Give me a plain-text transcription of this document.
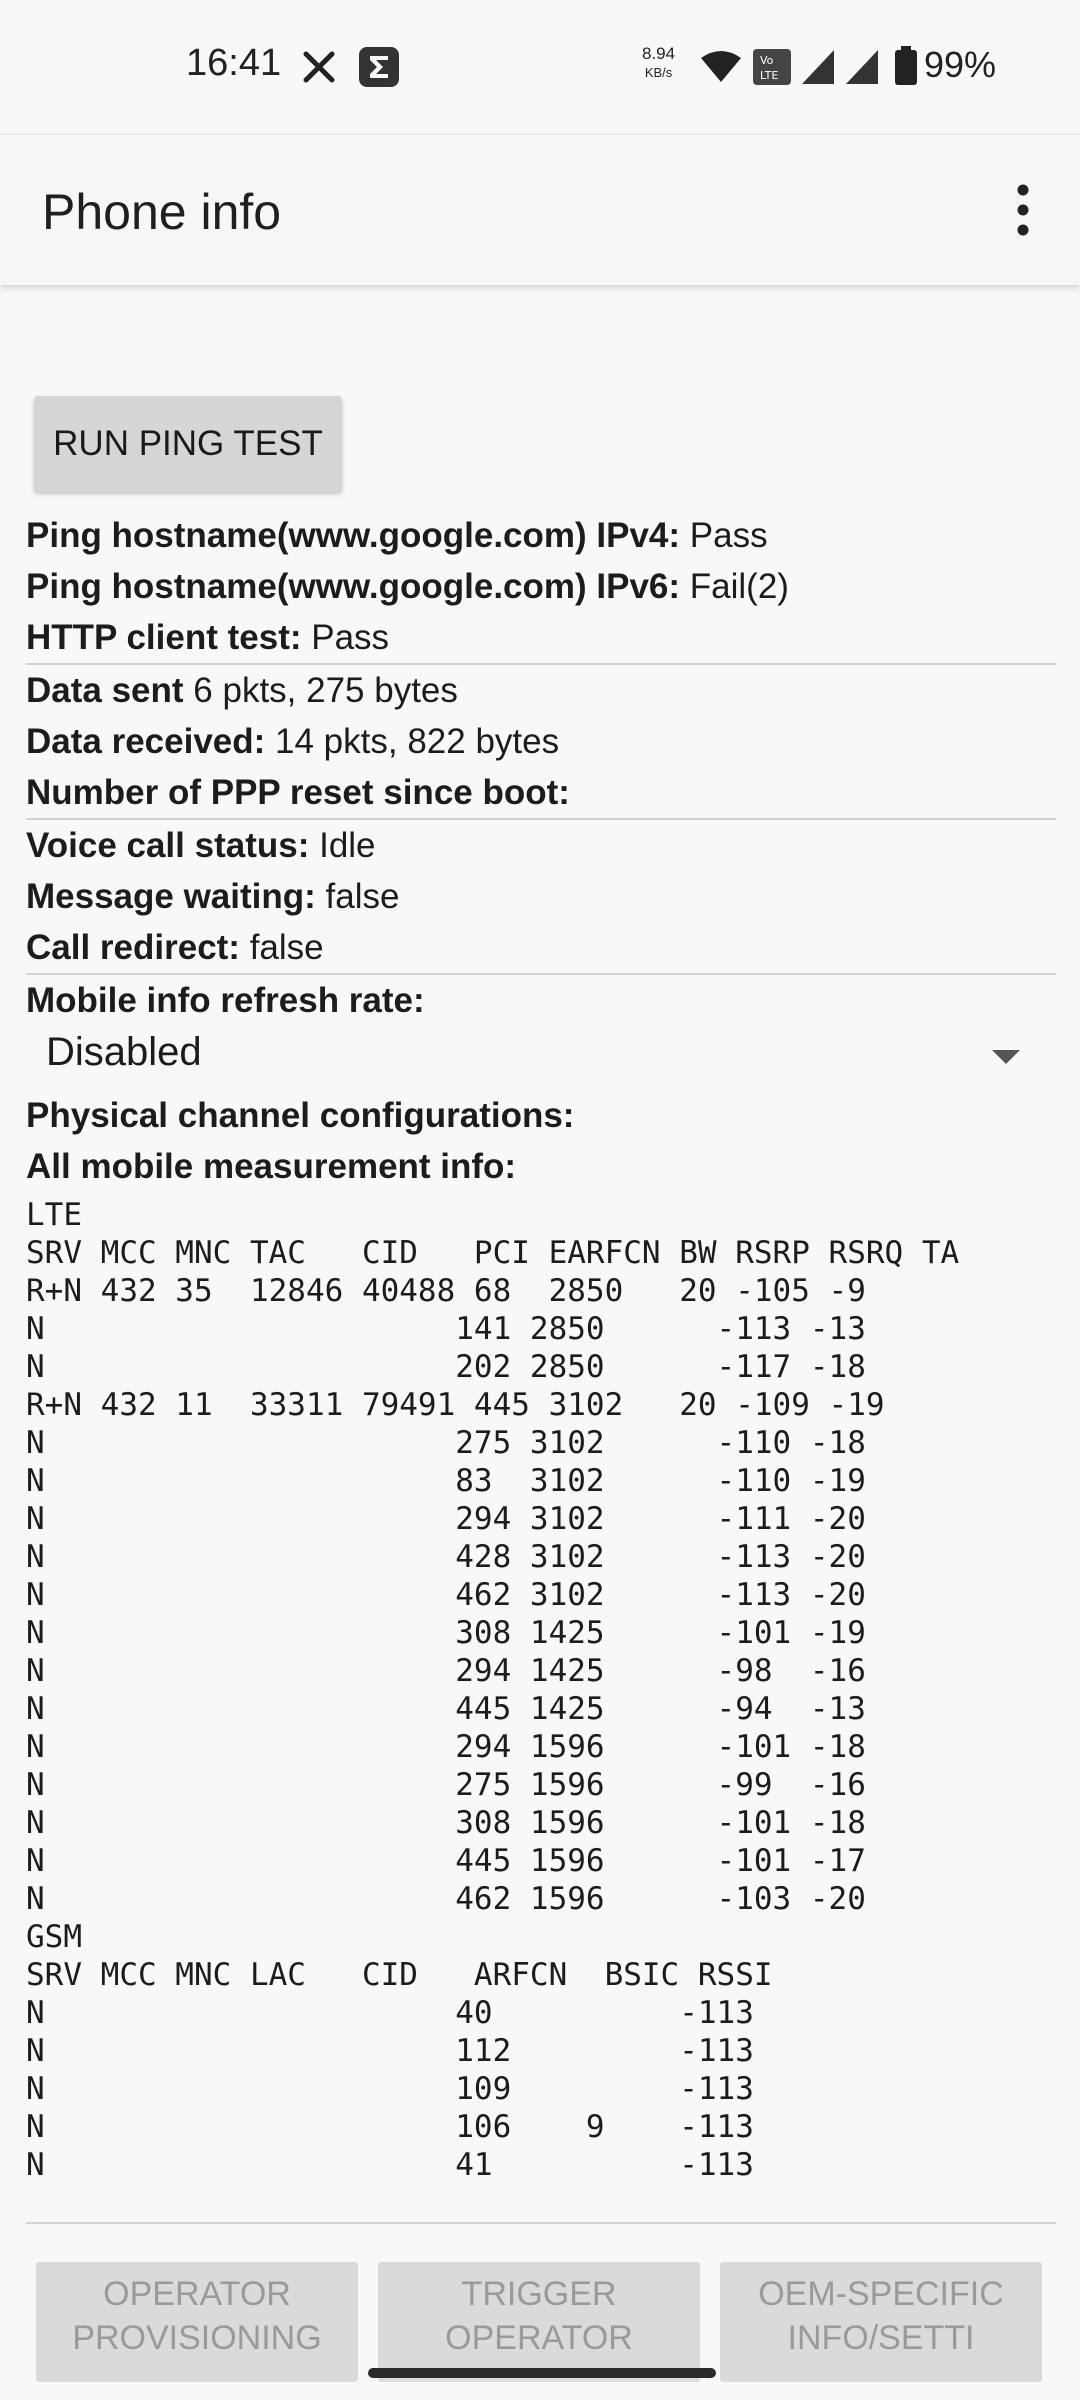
16:41	8.94
KB/s
Vo
LTE	99%
Phone info
RUN PING TEST
Ping hostname(www.google.com) IPv4: Pass
Ping hostname(www.google.com) IPv6: Fail(2)
HTTP client test: Pass
Data sent 6 pkts, 275 bytes
Data received: 14 pkts, 822 bytes
Number of PPP reset since boot:
Voice call status: Idle
Message waiting: false
Call redirect: false
Mobile info refresh rate:
Disabled
Physical channel configurations:
All mobile measurement info:
LTE
SRV MCC MNC TAC   CID   PCI EARFCN BW RSRP RSRQ TA
R+N 432 35  12846 40488 68  2850   20 -105 -9
N                      141 2850      -113 -13
N                      202 2850      -117 -18
R+N 432 11  33311 79491 445 3102   20 -109 -19
N                      275 3102      -110 -18
N                      83  3102      -110 -19
N                      294 3102      -111 -20
N                      428 3102      -113 -20
N                      462 3102      -113 -20
N                      308 1425      -101 -19
N                      294 1425      -98  -16
N                      445 1425      -94  -13
N                      294 1596      -101 -18
N                      275 1596      -99  -16
N                      308 1596      -101 -18
N                      445 1596      -101 -17
N                      462 1596      -103 -20
GSM
SRV MCC MNC LAC   CID   ARFCN  BSIC RSSI
N                      40          -113
N                      112         -113
N                      109         -113
N                      106    9    -113
N                      41          -113
OPERATOR PROVISIONING
TRIGGER OPERATOR
OEM-SPECIFIC INFO/SETTI
